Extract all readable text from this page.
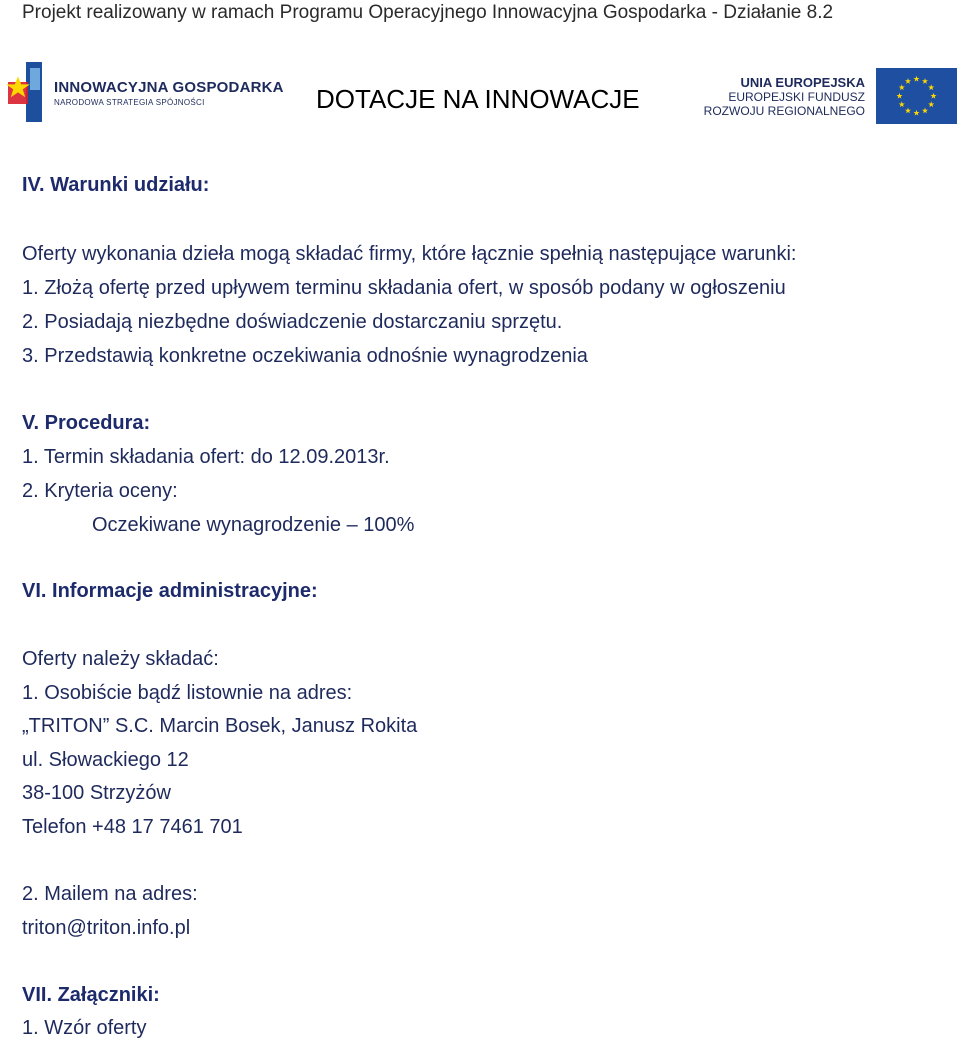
Projekt realizowany w ramach Programu Operacyjnego Innowacyjna Gospodarka - Działanie 8.2
INNOWACYJNA GOSPODARKA
NARODOWA STRATEGIA SPÓJNOŚCI	DOTACJE NA INNOWACJE
UNIA EUROPEJSKA
EUROPEJSKI FUNDUSZ
ROZWOJU REGIONALNEGO
IV. Warunki udziału:
Oferty wykonania dzieła mogą składać firmy, które łącznie spełnią następujące warunki:
1. Złożą ofertę przed upływem terminu składania ofert, w sposób podany w ogłoszeniu
2. Posiadają niezbędne doświadczenie dostarczaniu sprzętu.
3. Przedstawią konkretne oczekiwania odnośnie wynagrodzenia
V. Procedura:
1. Termin składania ofert: do 12.09.2013r.
2. Kryteria oceny:
Oczekiwane wynagrodzenie – 100%
VI. Informacje administracyjne:
Oferty należy składać:
1. Osobiście bądź listownie na adres:
„TRITON” S.C. Marcin Bosek, Janusz Rokita
ul. Słowackiego 12
38-100 Strzyżów
Telefon +48 17 7461 701
2. Mailem na adres:
triton@triton.info.pl
VII. Załączniki:
1. Wzór oferty
